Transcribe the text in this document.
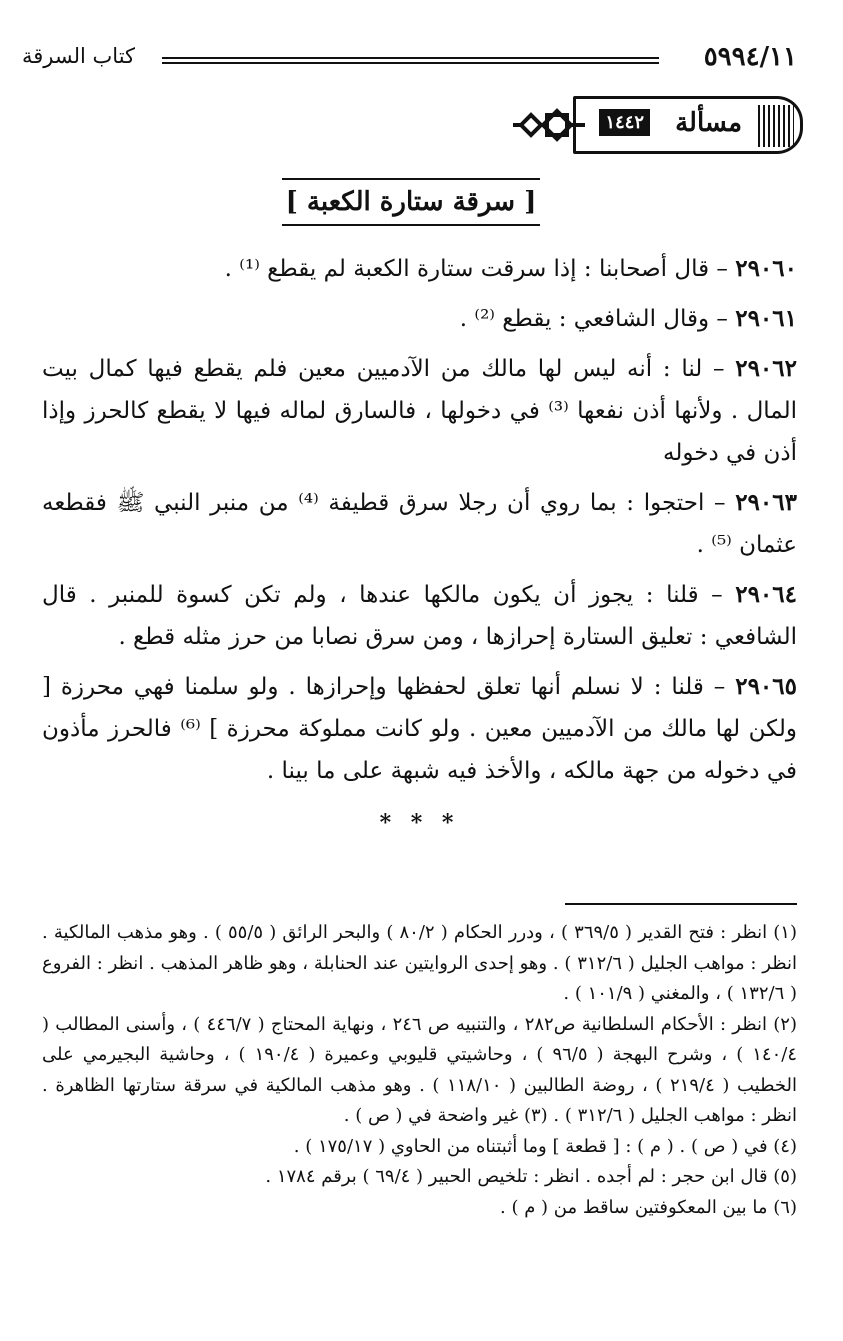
٥٩٩٤/١١
كتاب السرقة
مسألة
١٤٤٢
[ سرقة ستارة الكعبة ]

٢٩٠٦٠ – قال أصحابنا : إذا سرقت ستارة الكعبة لم يقطع ⁽¹⁾ .

٢٩٠٦١ – وقال الشافعي : يقطع ⁽²⁾ .

٢٩٠٦٢ – لنا : أنه ليس لها مالك من الآدميين معين فلم يقطع فيها كمال بيت المال . ولأنها أذن نفعها ⁽³⁾ في دخولها ، فالسارق لماله فيها لا يقطع كالحرز وإذا أذن في دخوله

٢٩٠٦٣ – احتجوا : بما روي أن رجلا سرق قطيفة ⁽⁴⁾ من منبر النبي ﷺ فقطعه عثمان ⁽⁵⁾ .

٢٩٠٦٤ – قلنا : يجوز أن يكون مالكها عندها ، ولم تكن كسوة للمنبر . قال الشافعي : تعليق الستارة إحرازها ، ومن سرق نصابا من حرز مثله قطع .

٢٩٠٦٥ – قلنا : لا نسلم أنها تعلق لحفظها وإحرازها . ولو سلمنا فهي محرزة [ ولكن لها مالك من الآدميين معين . ولو كانت مملوكة محرزة ] ⁽⁶⁾ فالحرز مأذون في دخوله من جهة مالكه ، والأخذ فيه شبهة على ما بينا .

* * *

(١) انظر : فتح القدير ( ٣٦٩/٥ ) ، ودرر الحكام ( ٨٠/٢ ) والبحر الرائق ( ٥٥/٥ ) . وهو مذهب المالكية . انظر : مواهب الجليل ( ٣١٢/٦ ) . وهو إحدى الروايتين عند الحنابلة ، وهو ظاهر المذهب . انظر : الفروع ( ١٣٢/٦ ) ، والمغني ( ١٠١/٩ ) .

(٢) انظر : الأحكام السلطانية ص٢٨٢ ، والتنبيه ص ٢٤٦ ، ونهاية المحتاج ( ٤٤٦/٧ ) ، وأسنى المطالب ( ١٤٠/٤ ) ، وشرح البهجة ( ٩٦/٥ ) ، وحاشيتي قليوبي وعميرة ( ١٩٠/٤ ) ، وحاشية البجيرمي على الخطيب ( ٢١٩/٤ ) ، روضة الطالبين ( ١١٨/١٠ ) . وهو مذهب المالكية في سرقة ستارتها الظاهرة . انظر : مواهب الجليل ( ٣١٢/٦ ) . (٣) غير واضحة في ( ص ) .

(٤) في ( ص ) . ( م ) : [ قطعة ] وما أثبتناه من الحاوي ( ١٧٥/١٧ ) .

(٥) قال ابن حجر : لم أجده . انظر : تلخيص الحبير ( ٦٩/٤ ) برقم ١٧٨٤ .

(٦) ما بين المعكوفتين ساقط من ( م ) .
